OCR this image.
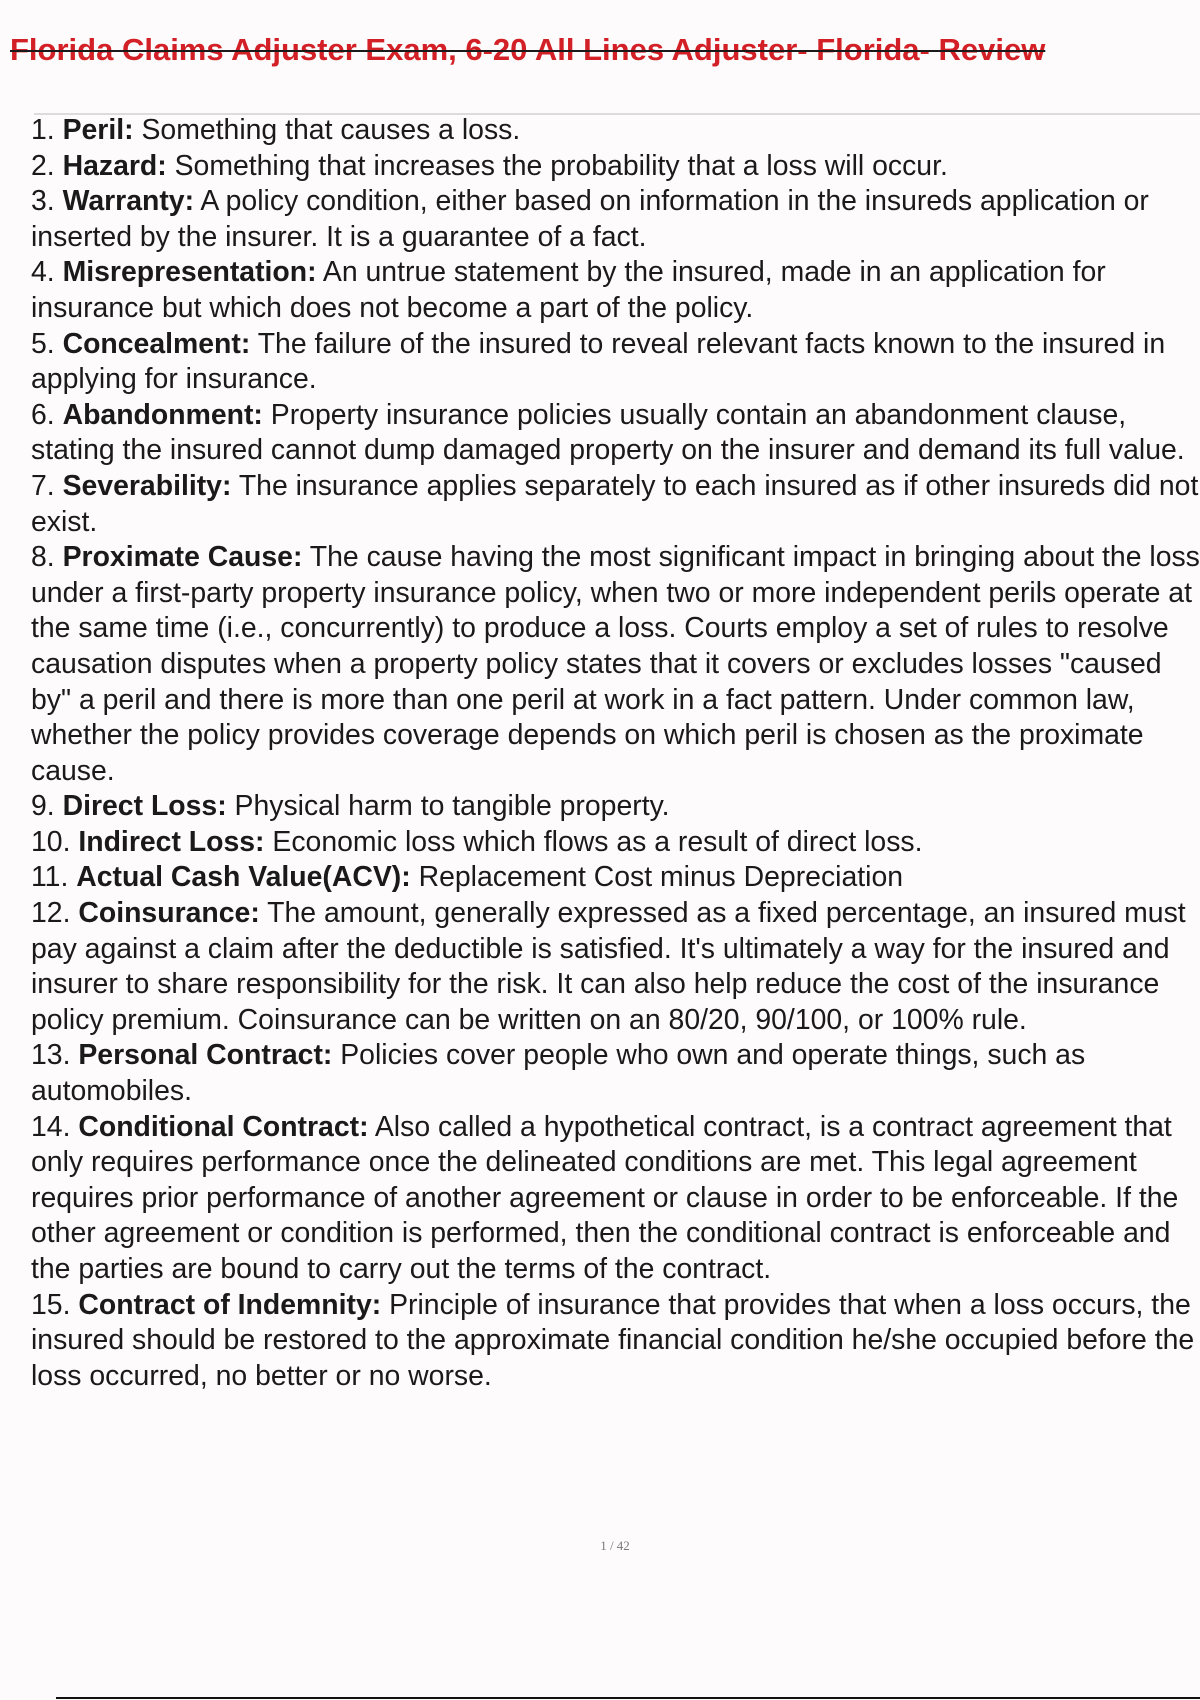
Florida Claims Adjuster Exam, 6-20 All Lines Adjuster- Florida- Review
1. Peril: Something that causes a loss.
2. Hazard: Something that increases the probability that a loss will occur.
3. Warranty: A policy condition, either based on information in the insureds application or inserted by the insurer. It is a guarantee of a fact.
4. Misrepresentation: An untrue statement by the insured, made in an application for insurance but which does not become a part of the policy.
5. Concealment: The failure of the insured to reveal relevant facts known to the insured in applying for insurance.
6. Abandonment: Property insurance policies usually contain an abandonment clause, stating the insured cannot dump damaged property on the insurer and demand its full value.
7. Severability: The insurance applies separately to each insured as if other insureds did not exist.
8. Proximate Cause: The cause having the most significant impact in bringing about the loss under a first-party property insurance policy, when two or more independent perils operate at the same time (i.e., concurrently) to produce a loss. Courts employ a set of rules to resolve causation disputes when a property policy states that it covers or excludes losses "caused by" a peril and there is more than one peril at work in a fact pattern. Under common law, whether the policy provides coverage depends on which peril is chosen as the proximate cause.
9. Direct Loss: Physical harm to tangible property.
10. Indirect Loss: Economic loss which flows as a result of direct loss.
11. Actual Cash Value(ACV): Replacement Cost minus Depreciation
12. Coinsurance: The amount, generally expressed as a fixed percentage, an insured must pay against a claim after the deductible is satisfied. It's ultimately a way for the insured and insurer to share responsibility for the risk. It can also help reduce the cost of the insurance policy premium. Coinsurance can be written on an 80/20, 90/100, or 100% rule.
13. Personal Contract: Policies cover people who own and operate things, such as automobiles.
14. Conditional Contract: Also called a hypothetical contract, is a contract agreement that only requires performance once the delineated conditions are met. This legal agreement requires prior performance of another agreement or clause in order to be enforceable. If the other agreement or condition is performed, then the conditional contract is enforceable and the parties are bound to carry out the terms of the contract.
15. Contract of Indemnity: Principle of insurance that provides that when a loss occurs, the insured should be restored to the approximate financial condition he/she occupied before the loss occurred, no better or no worse.
1 / 42
